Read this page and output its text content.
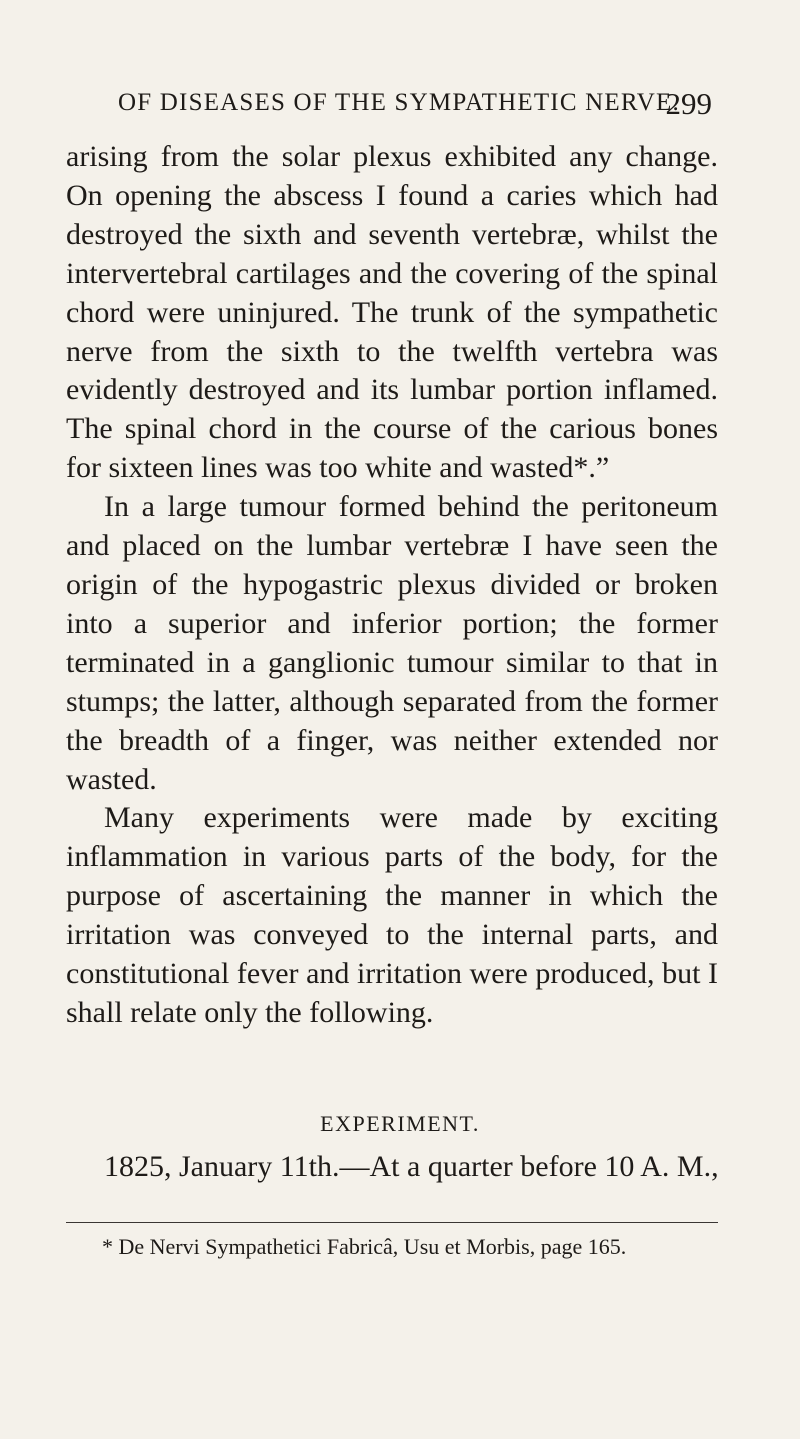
OF DISEASES OF THE SYMPATHETIC NERVE.
299

arising from the solar plexus exhibited any change. On opening the abscess I found a caries which had destroyed the sixth and seventh vertebræ, whilst the intervertebral cartilages and the covering of the spinal chord were uninjured. The trunk of the sympathetic nerve from the sixth to the twelfth vertebra was evidently destroyed and its lumbar portion inflamed. The spinal chord in the course of the carious bones for sixteen lines was too white and wasted*.”

In a large tumour formed behind the peritoneum and placed on the lumbar vertebræ I have seen the origin of the hypogastric plexus divided or broken into a superior and inferior portion; the former terminated in a ganglionic tumour similar to that in stumps; the latter, although separated from the former the breadth of a finger, was neither extended nor wasted.

Many experiments were made by exciting inflammation in various parts of the body, for the purpose of ascertaining the manner in which the irritation was conveyed to the internal parts, and constitutional fever and irritation were produced, but I shall relate only the following.

EXPERIMENT.
1825, January 11th.—At a quarter before 10 A. M.,
* De Nervi Sympathetici Fabricâ, Usu et Morbis, page 165.
